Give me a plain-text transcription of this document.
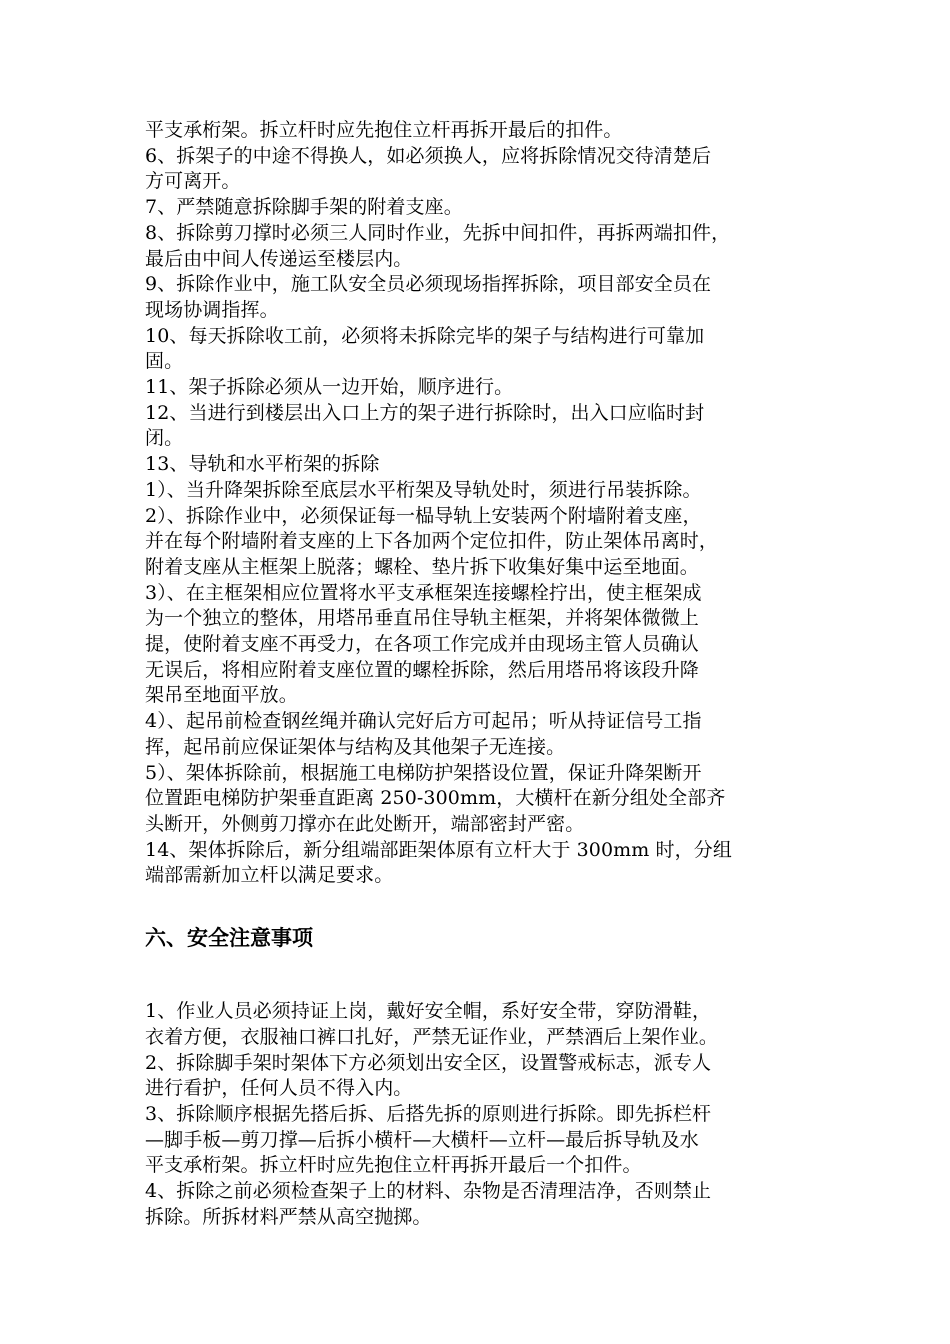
平支承桁架。拆立杆时应先抱住立杆再拆开最后的扣件。
6、拆架子的中途不得换人，如必须换人，应将拆除情况交待清楚后
方可离开。
7、严禁随意拆除脚手架的附着支座。
8、拆除剪刀撑时必须三人同时作业，先拆中间扣件，再拆两端扣件，
最后由中间人传递运至楼层内。
9、拆除作业中，施工队安全员必须现场指挥拆除，项目部安全员在
现场协调指挥。
10、每天拆除收工前，必须将未拆除完毕的架子与结构进行可靠加
固。
11、架子拆除必须从一边开始，顺序进行。
12、当进行到楼层出入口上方的架子进行拆除时，出入口应临时封
闭。
13、导轨和水平桁架的拆除
1）、当升降架拆除至底层水平桁架及导轨处时，须进行吊装拆除。
2）、拆除作业中，必须保证每一榀导轨上安装两个附墙附着支座，
并在每个附墙附着支座的上下各加两个定位扣件，防止架体吊离时，
附着支座从主框架上脱落；螺栓、垫片拆下收集好集中运至地面。
3）、在主框架相应位置将水平支承框架连接螺栓拧出，使主框架成
为一个独立的整体，用塔吊垂直吊住导轨主框架，并将架体微微上
提，使附着支座不再受力，在各项工作完成并由现场主管人员确认
无误后，将相应附着支座位置的螺栓拆除，然后用塔吊将该段升降
架吊至地面平放。
4）、起吊前检查钢丝绳并确认完好后方可起吊；听从持证信号工指
挥，起吊前应保证架体与结构及其他架子无连接。
5）、架体拆除前，根据施工电梯防护架搭设位置，保证升降架断开
位置距电梯防护架垂直距离 250-300mm，大横杆在新分组处全部齐
头断开，外侧剪刀撑亦在此处断开，端部密封严密。
14、架体拆除后，新分组端部距架体原有立杆大于 300mm 时，分组
端部需新加立杆以满足要求。
六、安全注意事项
1、作业人员必须持证上岗，戴好安全帽，系好安全带，穿防滑鞋，
衣着方便，衣服袖口裤口扎好，严禁无证作业，严禁酒后上架作业。
2、拆除脚手架时架体下方必须划出安全区，设置警戒标志，派专人
进行看护，任何人员不得入内。
3、拆除顺序根据先搭后拆、后搭先拆的原则进行拆除。即先拆栏杆
—脚手板—剪刀撑—后拆小横杆—大横杆—立杆—最后拆导轨及水
平支承桁架。拆立杆时应先抱住立杆再拆开最后一个扣件。
4、拆除之前必须检查架子上的材料、杂物是否清理洁净，否则禁止
拆除。所拆材料严禁从高空抛掷。
